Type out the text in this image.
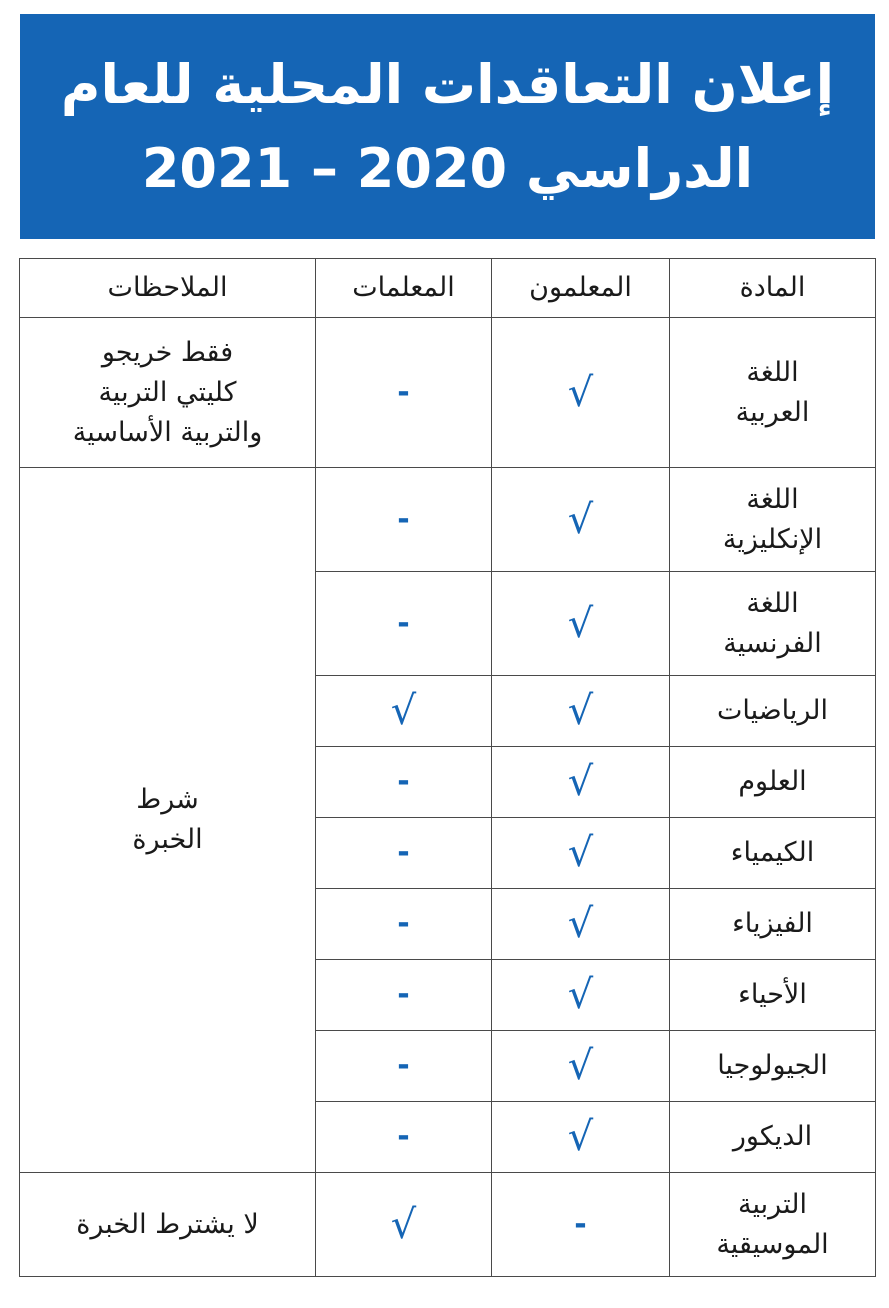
إعلان التعاقدات المحلية للعام
الدراسي 2020 – 2021
المادة	المعلمون	المعلمات	الملاحظات
اللغة
العربية	√	-	فقط خريجو
كليتي التربية
والتربية الأساسية
اللغة
الإنكليزية	√	-	شرط
الخبرة
اللغة
الفرنسية	√	-	
الرياضيات	√	√	
العلوم	√	-	
الكيمياء	√	-	
الفيزياء	√	-	
الأحياء	√	-	
الجيولوجيا	√	-	
الديكور	√	-	
التربية
الموسيقية	-	√	لا يشترط الخبرة
